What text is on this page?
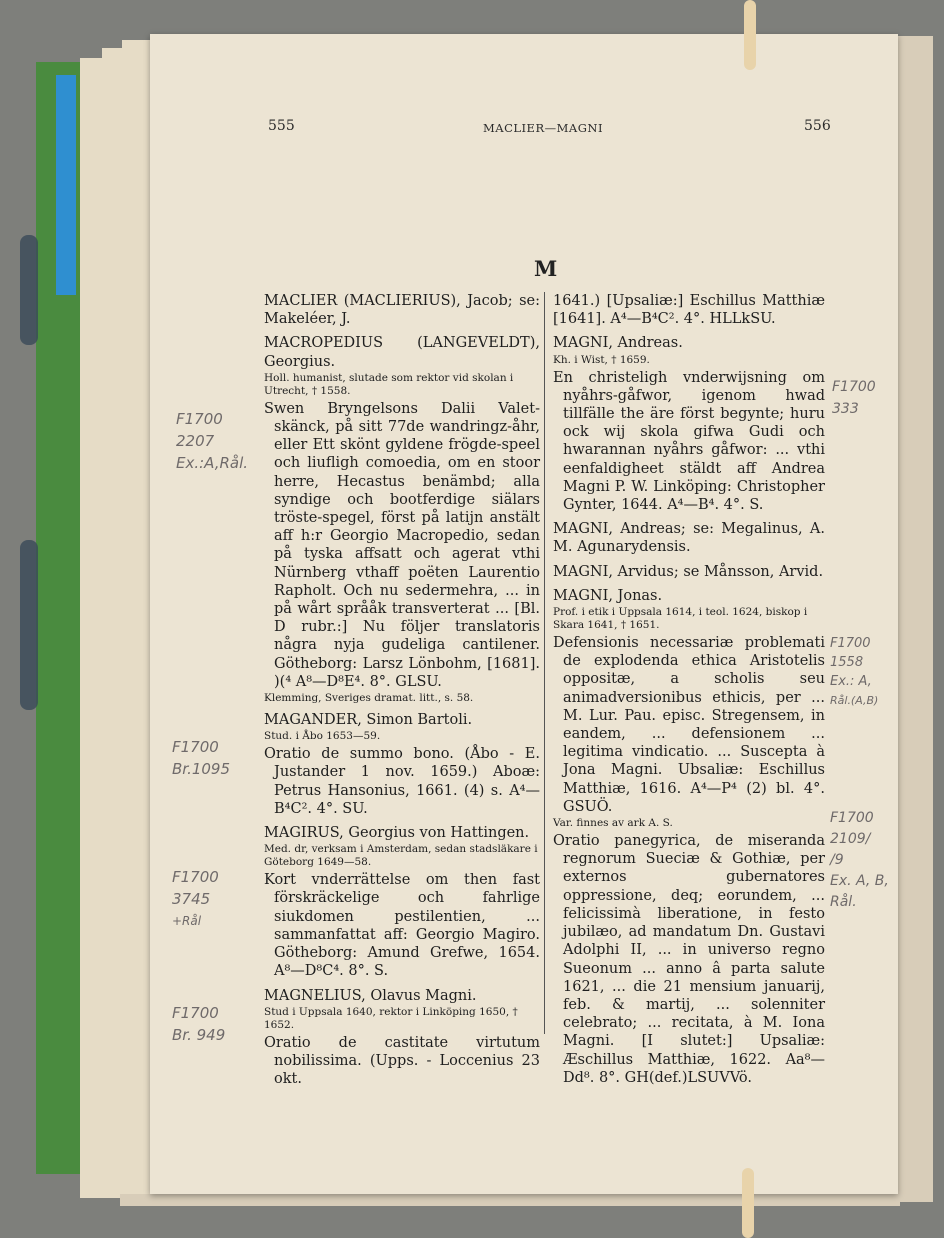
555	MACLIER—MAGNI	556
M

MACLIER (MACLIERIUS), Jacob; se: Makeléer, J.

MACROPEDIUS (LANGEVELDT), Georgius.

Holl. humanist, slutade som rektor vid skolan i Utrecht, † 1558.

Swen Bryngelsons Dalii Valet-skänck, på sitt 77de wandringz-åhr, eller Ett skönt gyldene frögde-speel och liufligh comoedia, om en stoor herre, Hecastus benämbd; alla syndige och bootferdige siälars tröste-spegel, först på latijn anstält aff h:r Georgio Macropedio, sedan på tyska affsatt och agerat vthi Nürnberg vthaff poëten Laurentio Rapholt. Och nu sedermehra, ... in på wårt språåk transverterat ... [Bl. D rubr.:] Nu följer translatoris några nyja gudeliga cantilener. Götheborg: Larsz Lönbohm, [1681]. )(⁴ A⁸—D⁸E⁴. 8°. GLSU.

Klemming, Sveriges dramat. litt., s. 58.

MAGANDER, Simon Bartoli.

Stud. i Åbo 1653—59.

Oratio de summo bono. (Åbo - E. Justander 1 nov. 1659.) Aboæ: Petrus Hansonius, 1661. (4) s. A⁴—B⁴C². 4°. SU.

MAGIRUS, Georgius von Hattingen.

Med. dr, verksam i Amsterdam, sedan stadsläkare i Göteborg 1649—58.

Kort vnderrättelse om then fast förskräckelige och fahrlige siukdomen pestilentien, ... sammanfattat aff: Georgio Magiro. Götheborg: Amund Grefwe, 1654. A⁸—D⁸C⁴. 8°. S.

MAGNELIUS, Olavus Magni.

Stud i Uppsala 1640, rektor i Linköping 1650, † 1652.

Oratio de castitate virtutum nobilissima. (Upps. - Loccenius 23 okt.

1641.) [Upsaliæ:] Eschillus Matthiæ [1641]. A⁴—B⁴C². 4°. HLLkSU.

MAGNI, Andreas.

Kh. i Wist, † 1659.

En christeligh vnderwijsning om nyåhrs-gåfwor, igenom hwad tillfälle the äre först begynte; huru ock wij skola gifwa Gudi och hwarannan nyåhrs gåfwor: ... vthi eenfaldigheet stäldt aff Andrea Magni P. W. Linköping: Christopher Gynter, 1644. A⁴—B⁴. 4°. S.

MAGNI, Andreas; se: Megalinus, A. M. Agunarydensis.

MAGNI, Arvidus; se Månsson, Arvid.

MAGNI, Jonas.

Prof. i etik i Uppsala 1614, i teol. 1624, biskop i Skara 1641, † 1651.

Defensionis necessariæ problemati de explodenda ethica Aristotelis oppositæ, a scholis seu animadversionibus ethicis, per ... M. Lur. Pau. episc. Stregensem, in eandem, ... defensionem ... legitima vindicatio. ... Suscepta à Jona Magni. Ubsaliæ: Eschillus Matthiæ, 1616. A⁴—P⁴ (2) bl. 4°. GSUÖ.

Var. finnes av ark A. S.

Oratio panegyrica, de miseranda regnorum Sueciæ & Gothiæ, per externos gubernatores oppressione, deq; eorundem, ... felicissimà liberatione, in festo jubilæo, ad mandatum Dn. Gustavi Adolphi II, ... in universo regno Sueonum ... anno â parta salute 1621, ... die 21 mensium januarij, feb. & martij, ... solenniter celebrato; ... recitata, à M. Iona Magni. [I slutet:] Upsaliæ: Æschillus Matthiæ, 1622. Aa⁸—Dd⁸. 8°. GH(def.)LSUVVö.

F1700
2207
Ex.:A,Rål.
F1700
Br.1095
F1700
3745
+Rål
F1700
Br. 949
F1700
333
F1700
1558
Ex.: A,
Rål.(A,B)
F1700
2109/
/9
Ex. A, B,
Rål.
